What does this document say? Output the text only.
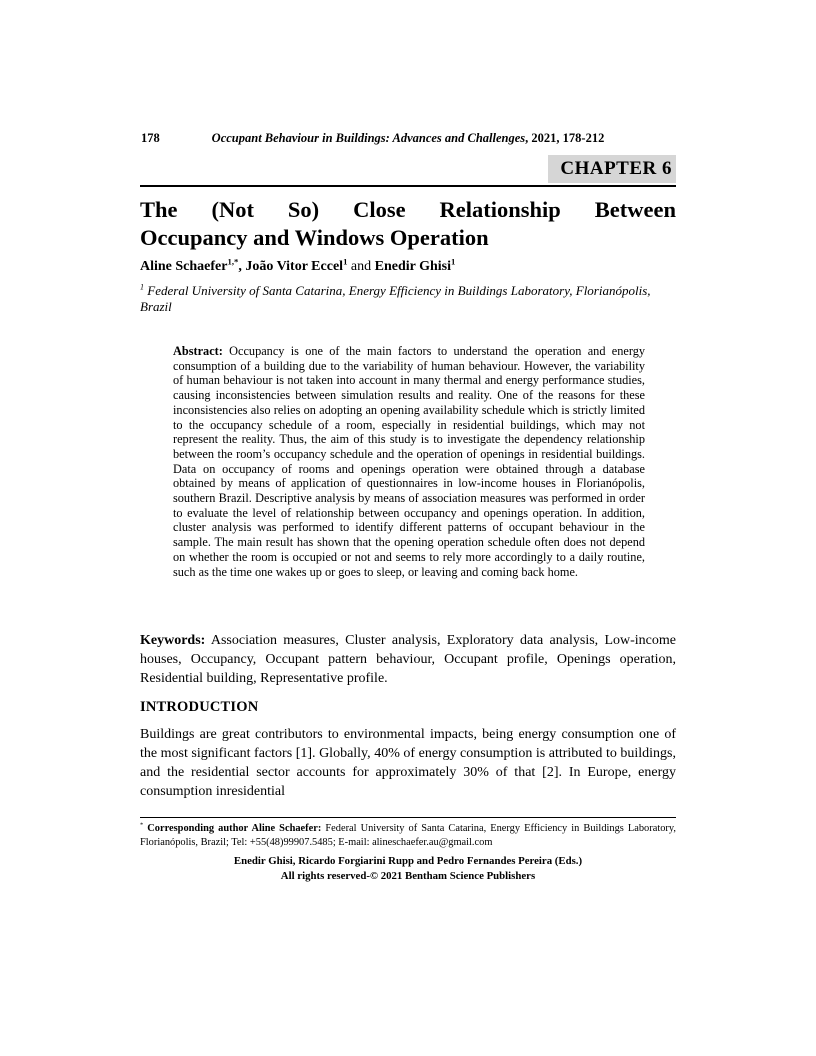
178	Occupant Behaviour in Buildings: Advances and Challenges, 2021, 178-212
CHAPTER 6
The (Not So) Close Relationship Between
Occupancy and Windows Operation
Aline Schaefer$^{1,*}$, João Vitor Eccel$^1$ and Enedir Ghisi$^1$
$^1$ Federal University of Santa Catarina, Energy Efficiency in Buildings Laboratory, Florianópolis, Brazil
Abstract: Occupancy is one of the main factors to understand the operation and energy consumption of a building due to the variability of human behaviour. However, the variability of human behaviour is not taken into account in many thermal and energy performance studies, causing inconsistencies between simulation results and reality. One of the reasons for these inconsistencies also relies on adopting an opening availability schedule which is strictly limited to the occupancy schedule of a room, especially in residential buildings, which may not represent the reality. Thus, the aim of this study is to investigate the dependency relationship between the room’s occupancy schedule and the operation of openings in residential buildings. Data on occupancy of rooms and openings operation were obtained through a database obtained by means of application of questionnaires in low-income houses in Florianópolis, southern Brazil. Descriptive analysis by means of association measures was performed in order to evaluate the level of relationship between occupancy and openings operation. In addition, cluster analysis was performed to identify different patterns of occupant behaviour in the sample. The main result has shown that the opening operation schedule often does not depend on whether the room is occupied or not and seems to rely more accordingly to a daily routine, such as the time one wakes up or goes to sleep, or leaving and coming back home.
Keywords: Association measures, Cluster analysis, Exploratory data analysis, Low-income houses, Occupancy, Occupant pattern behaviour, Occupant profile, Openings operation, Residential building, Representative profile.
INTRODUCTION
Buildings are great contributors to environmental impacts, being energy consumption one of the most significant factors [1]. Globally, 40% of energy consumption is attributed to buildings, and the residential sector accounts for approximately 30% of that [2]. In Europe, energy consumption inresidential
* Corresponding author Aline Schaefer: Federal University of Santa Catarina, Energy Efficiency in Buildings Laboratory, Florianópolis, Brazil; Tel: +55(48)99907.5485; E-mail: alineschaefer.au@gmail.com
Enedir Ghisi, Ricardo Forgiarini Rupp and Pedro Fernandes Pereira (Eds.)
All rights reserved-© 2021 Bentham Science Publishers
